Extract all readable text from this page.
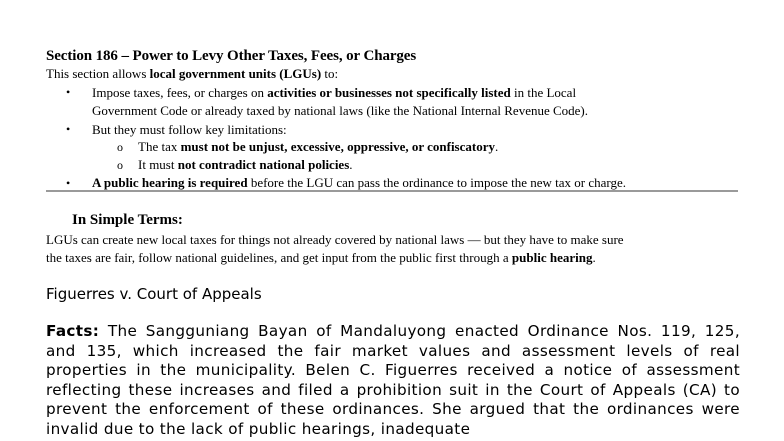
Section 186 – Power to Levy Other Taxes, Fees, or Charges
This section allows local government units (LGUs) to:
• Impose taxes, fees, or charges on activities or businesses not specifically listed in the Local
Government Code or already taxed by national laws (like the National Internal Revenue Code).
• But they must follow key limitations:
o The tax must not be unjust, excessive, oppressive, or confiscatory.
o It must not contradict national policies.
• A public hearing is required before the LGU can pass the ordinance to impose the new tax or charge.
In Simple Terms:
LGUs can create new local taxes for things not already covered by national laws — but they have to make sure
the taxes are fair, follow national guidelines, and get input from the public first through a public hearing.
Figuerres v. Court of Appeals
Facts: The Sangguniang Bayan of Mandaluyong enacted Ordinance Nos. 119, 125, and 135, which increased the fair market values and assessment levels of real properties in the municipality. Belen C. Figuerres received a notice of assessment reflecting these increases and filed a prohibition suit in the Court of Appeals (CA) to prevent the enforcement of these ordinances. She argued that the ordinances were invalid due to the lack of public hearings, inadequate
